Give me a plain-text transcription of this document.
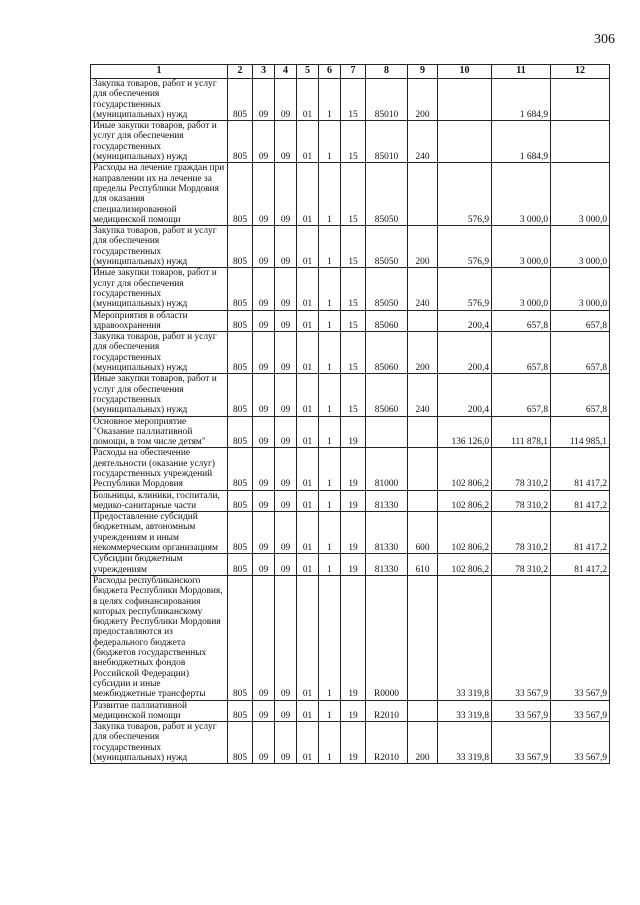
306
1	2	3	4	5	6	7	8	9	10	11	12
Закупка товаров, работ и услуг для обеспечения государственных (муниципальных) нужд	805	09	09	01	1	15	85010	200		1 684,9	
Иные закупки товаров, работ и услуг для обеспечения государственных (муниципальных) нужд	805	09	09	01	1	15	85010	240		1 684,9	
Расходы на лечение граждан при направлении их на лечение за пределы Республики Мордовия для оказания специализированной медицинской помощи	805	09	09	01	1	15	85050		576,9	3 000,0	3 000,0
Закупка товаров, работ и услуг для обеспечения государственных (муниципальных) нужд	805	09	09	01	1	15	85050	200	576,9	3 000,0	3 000,0
Иные закупки товаров, работ и услуг для обеспечения государственных (муниципальных) нужд	805	09	09	01	1	15	85050	240	576,9	3 000,0	3 000,0
Мероприятия в области здравоохранения	805	09	09	01	1	15	85060		200,4	657,8	657,8
Закупка товаров, работ и услуг для обеспечения государственных (муниципальных) нужд	805	09	09	01	1	15	85060	200	200,4	657,8	657,8
Иные закупки товаров, работ и услуг для обеспечения государственных (муниципальных) нужд	805	09	09	01	1	15	85060	240	200,4	657,8	657,8
Основное мероприятие "Оказание паллиативной помощи, в том числе детям"	805	09	09	01	1	19			136 126,0	111 878,1	114 985,1
Расходы на обеспечение деятельности (оказание услуг) государственных учреждений Республики Мордовия	805	09	09	01	1	19	81000		102 806,2	78 310,2	81 417,2
Больницы, клиники, госпитали, медико-санитарные части	805	09	09	01	1	19	81330		102 806,2	78 310,2	81 417,2
Предоставление субсидий бюджетным, автономным учреждениям и иным некоммерческим организациям	805	09	09	01	1	19	81330	600	102 806,2	78 310,2	81 417,2
Субсидии бюджетным учреждениям	805	09	09	01	1	19	81330	610	102 806,2	78 310,2	81 417,2
Расходы республиканского бюджета Республики Мордовия, в целях софинансирования которых республиканскому бюджету Республики Мордовия предоставляются из федерального бюджета (бюджетов государственных внебюджетных фондов Российской Федерации) субсидии и иные межбюджетные трансферты	805	09	09	01	1	19	R0000		33 319,8	33 567,9	33 567,9
Развитие паллиативной медицинской помощи	805	09	09	01	1	19	R2010		33 319,8	33 567,9	33 567,9
Закупка товаров, работ и услуг для обеспечения государственных (муниципальных) нужд	805	09	09	01	1	19	R2010	200	33 319,8	33 567,9	33 567,9
